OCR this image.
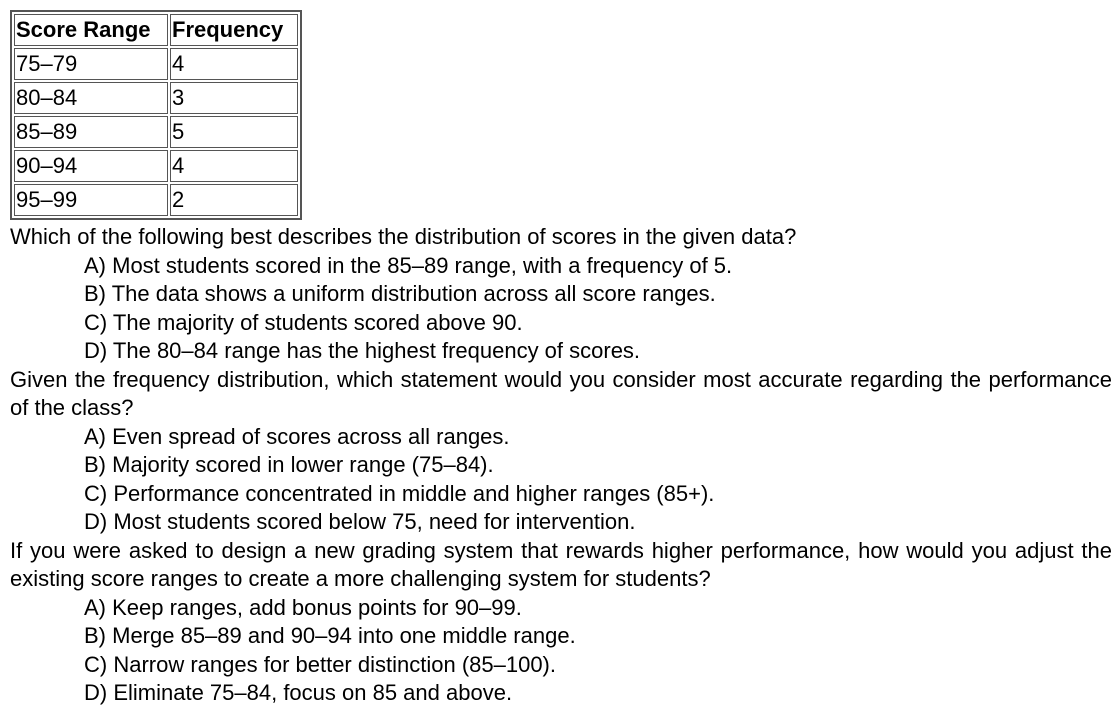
Score Range	Frequency
75–79	4
80–84	3
85–89	5
90–94	4
95–99	2

Which of the following best describes the distribution of scores in the given data?

A) Most students scored in the 85–89 range, with a frequency of 5.
B) The data shows a uniform distribution across all score ranges.
C) The majority of students scored above 90.
D) The 80–84 range has the highest frequency of scores.

Given the frequency distribution, which statement would you consider most accurate regarding the performance of the class?

A) Even spread of scores across all ranges.
B) Majority scored in lower range (75–84).
C) Performance concentrated in middle and higher ranges (85+).
D) Most students scored below 75, need for intervention.

If you were asked to design a new grading system that rewards higher performance, how would you adjust the existing score ranges to create a more challenging system for students?

A) Keep ranges, add bonus points for 90–99.
B) Merge 85–89 and 90–94 into one middle range.
C) Narrow ranges for better distinction (85–100).
D) Eliminate 75–84, focus on 85 and above.
